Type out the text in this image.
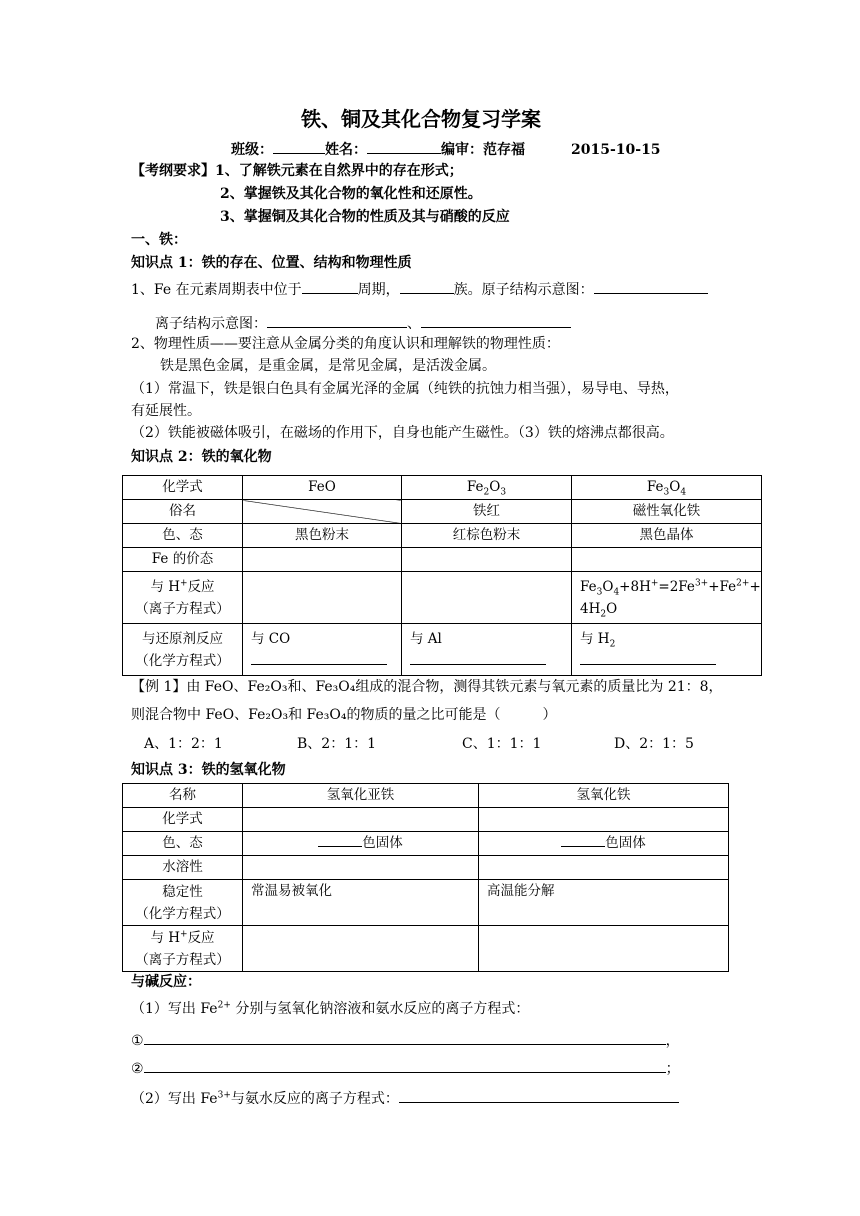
铁、铜及其化合物复习学案
班级：	姓名：	编审：范存福	2015-10-15
【考纲要求】1、了解铁元素在自然界中的存在形式；
2、掌握铁及其化合物的氧化性和还原性。
3、掌握铜及其化合物的性质及其与硝酸的反应
一、铁：
知识点 1：铁的存在、位置、结构和物理性质
1、Fe 在元素周期表中位于	周期，	族。原子结构示意图：
离子结构示意图：	、
2、物理性质——要注意从金属分类的角度认识和理解铁的物理性质：
铁是黑色金属，是重金属，是常见金属，是活泼金属。
（1）常温下，铁是银白色具有金属光泽的金属（纯铁的抗蚀力相当强），易导电、导热，
有延展性。
（2）铁能被磁体吸引，在磁场的作用下，自身也能产生磁性。（3）铁的熔沸点都很高。
知识点 2：铁的氧化物
化学式	FeO	$Fe_2O_3$	$Fe_3O_4$
俗名		铁红	磁性氧化铁
色、态	黑色粉末	红棕色粉末	黑色晶体
Fe 的价态			
与 H+反应
（离子方程式）			$Fe_3O_4+8H^+=2Fe^{3+}+Fe^{2+}+$
$4H_2O$
与还原剂反应
（化学方程式）	与 CO	与 Al	与 $H_2$

【例 1】由 FeO、Fe₂O₃和、Fe₃O₄组成的混合物，测得其铁元素与氧元素的质量比为 21：8，
则混合物中 FeO、Fe₂O₃和 Fe₃O₄的物质的量之比可能是（　　　）
A、1：2：1	B、2：1：1	C、1：1：1	D、2：1：5
知识点 3：铁的氢氧化物
名称	氢氧化亚铁	氢氧化铁
化学式		
色、态	色固体	色固体
水溶性		
稳定性
（化学方程式）	常温易被氧化	高温能分解
与 H+反应
（离子方程式）		
与碱反应：
（1）写出 $Fe^{2+}$ 分别与氢氧化钠溶液和氨水反应的离子方程式：
①	，
②	；
（2）写出 $Fe^{3+}$与氨水反应的离子方程式：
